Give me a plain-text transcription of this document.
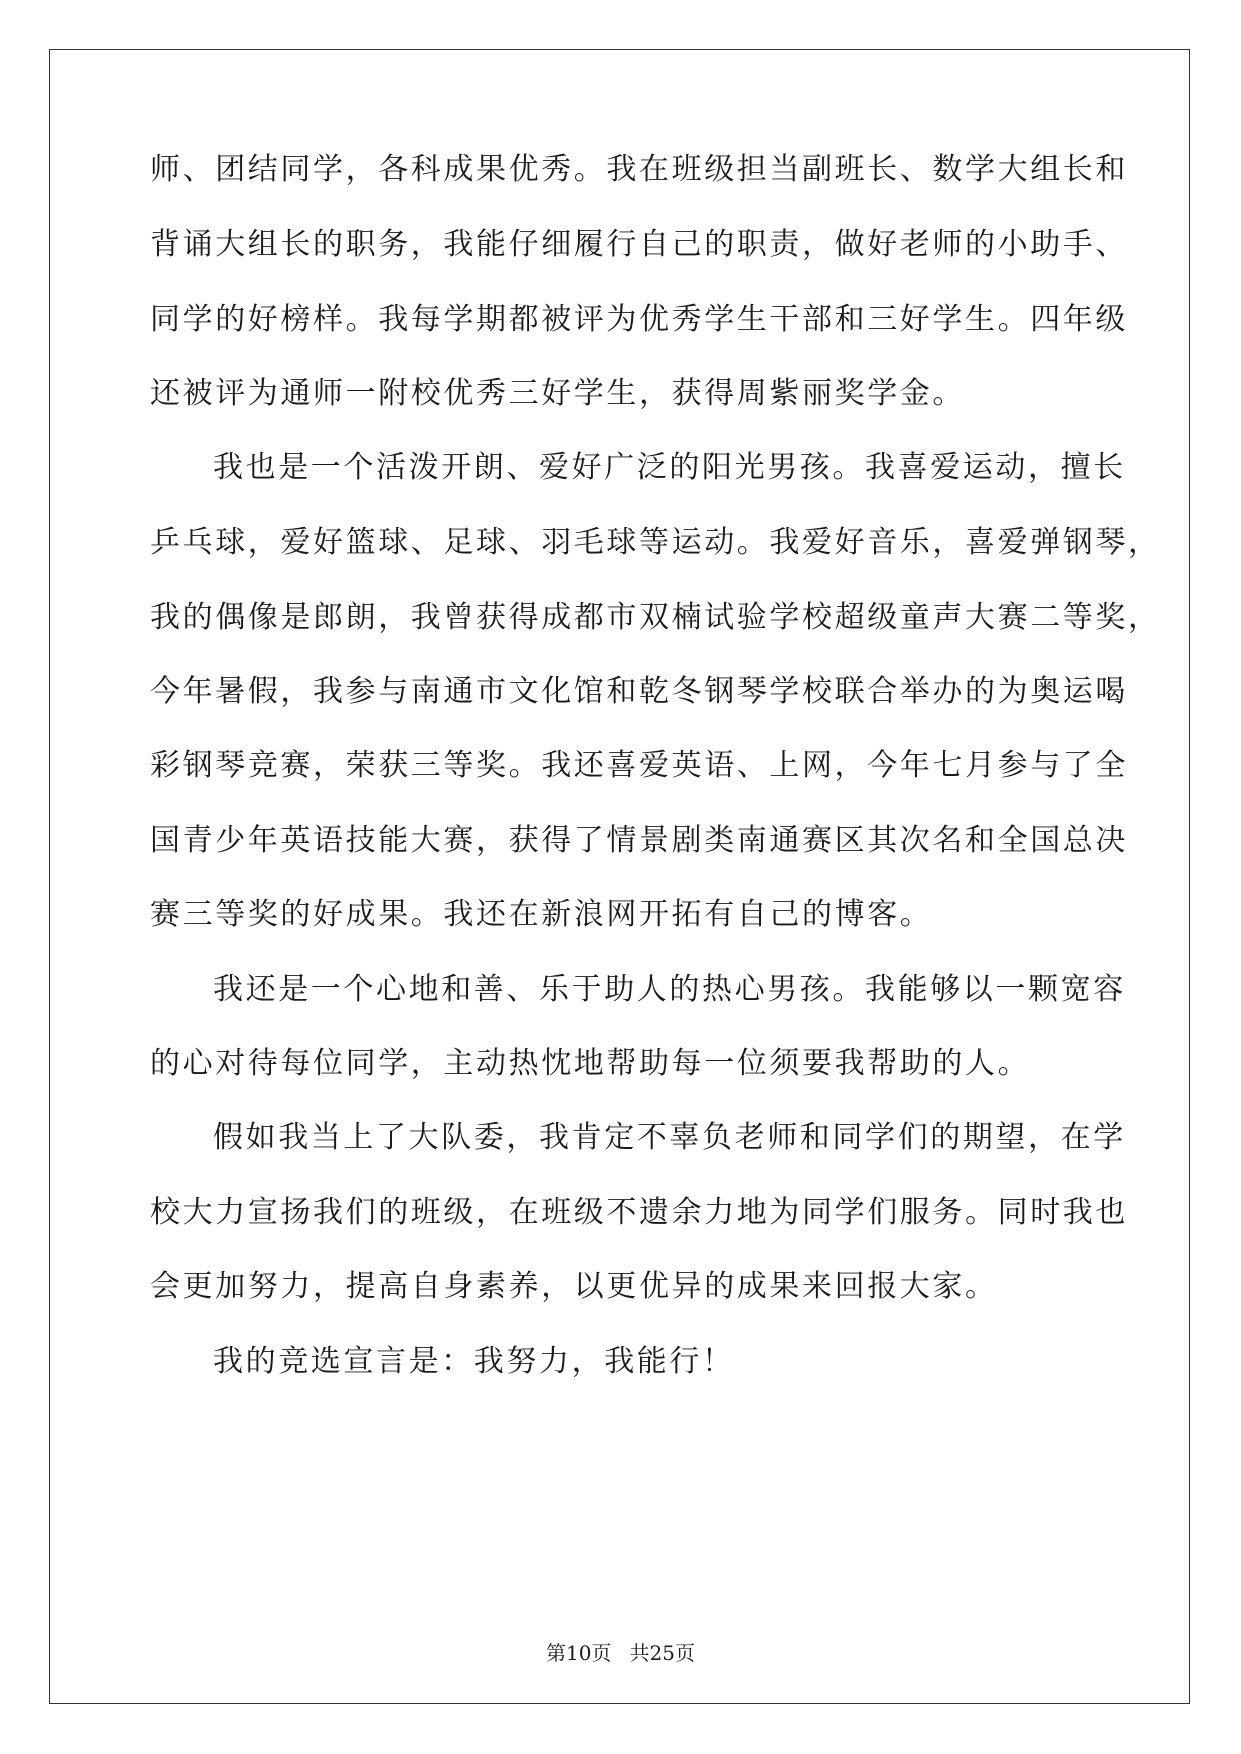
师、团结同学，各科成果优秀。我在班级担当副班长、数学大组长和
背诵大组长的职务，我能仔细履行自己的职责，做好老师的小助手、
同学的好榜样。我每学期都被评为优秀学生干部和三好学生。四年级
还被评为通师一附校优秀三好学生，获得周紫丽奖学金。
我也是一个活泼开朗、爱好广泛的阳光男孩。我喜爱运动，擅长
乒乓球，爱好篮球、足球、羽毛球等运动。我爱好音乐，喜爱弹钢琴，
我的偶像是郎朗，我曾获得成都市双楠试验学校超级童声大赛二等奖，
今年暑假，我参与南通市文化馆和乾冬钢琴学校联合举办的为奥运喝
彩钢琴竞赛，荣获三等奖。我还喜爱英语、上网，今年七月参与了全
国青少年英语技能大赛，获得了情景剧类南通赛区其次名和全国总决
赛三等奖的好成果。我还在新浪网开拓有自己的博客。
我还是一个心地和善、乐于助人的热心男孩。我能够以一颗宽容
的心对待每位同学，主动热忱地帮助每一位须要我帮助的人。
假如我当上了大队委，我肯定不辜负老师和同学们的期望，在学
校大力宣扬我们的班级，在班级不遗余力地为同学们服务。同时我也
会更加努力，提高自身素养，以更优异的成果来回报大家。
我的竞选宣言是：我努力，我能行！
第10页 共25页
